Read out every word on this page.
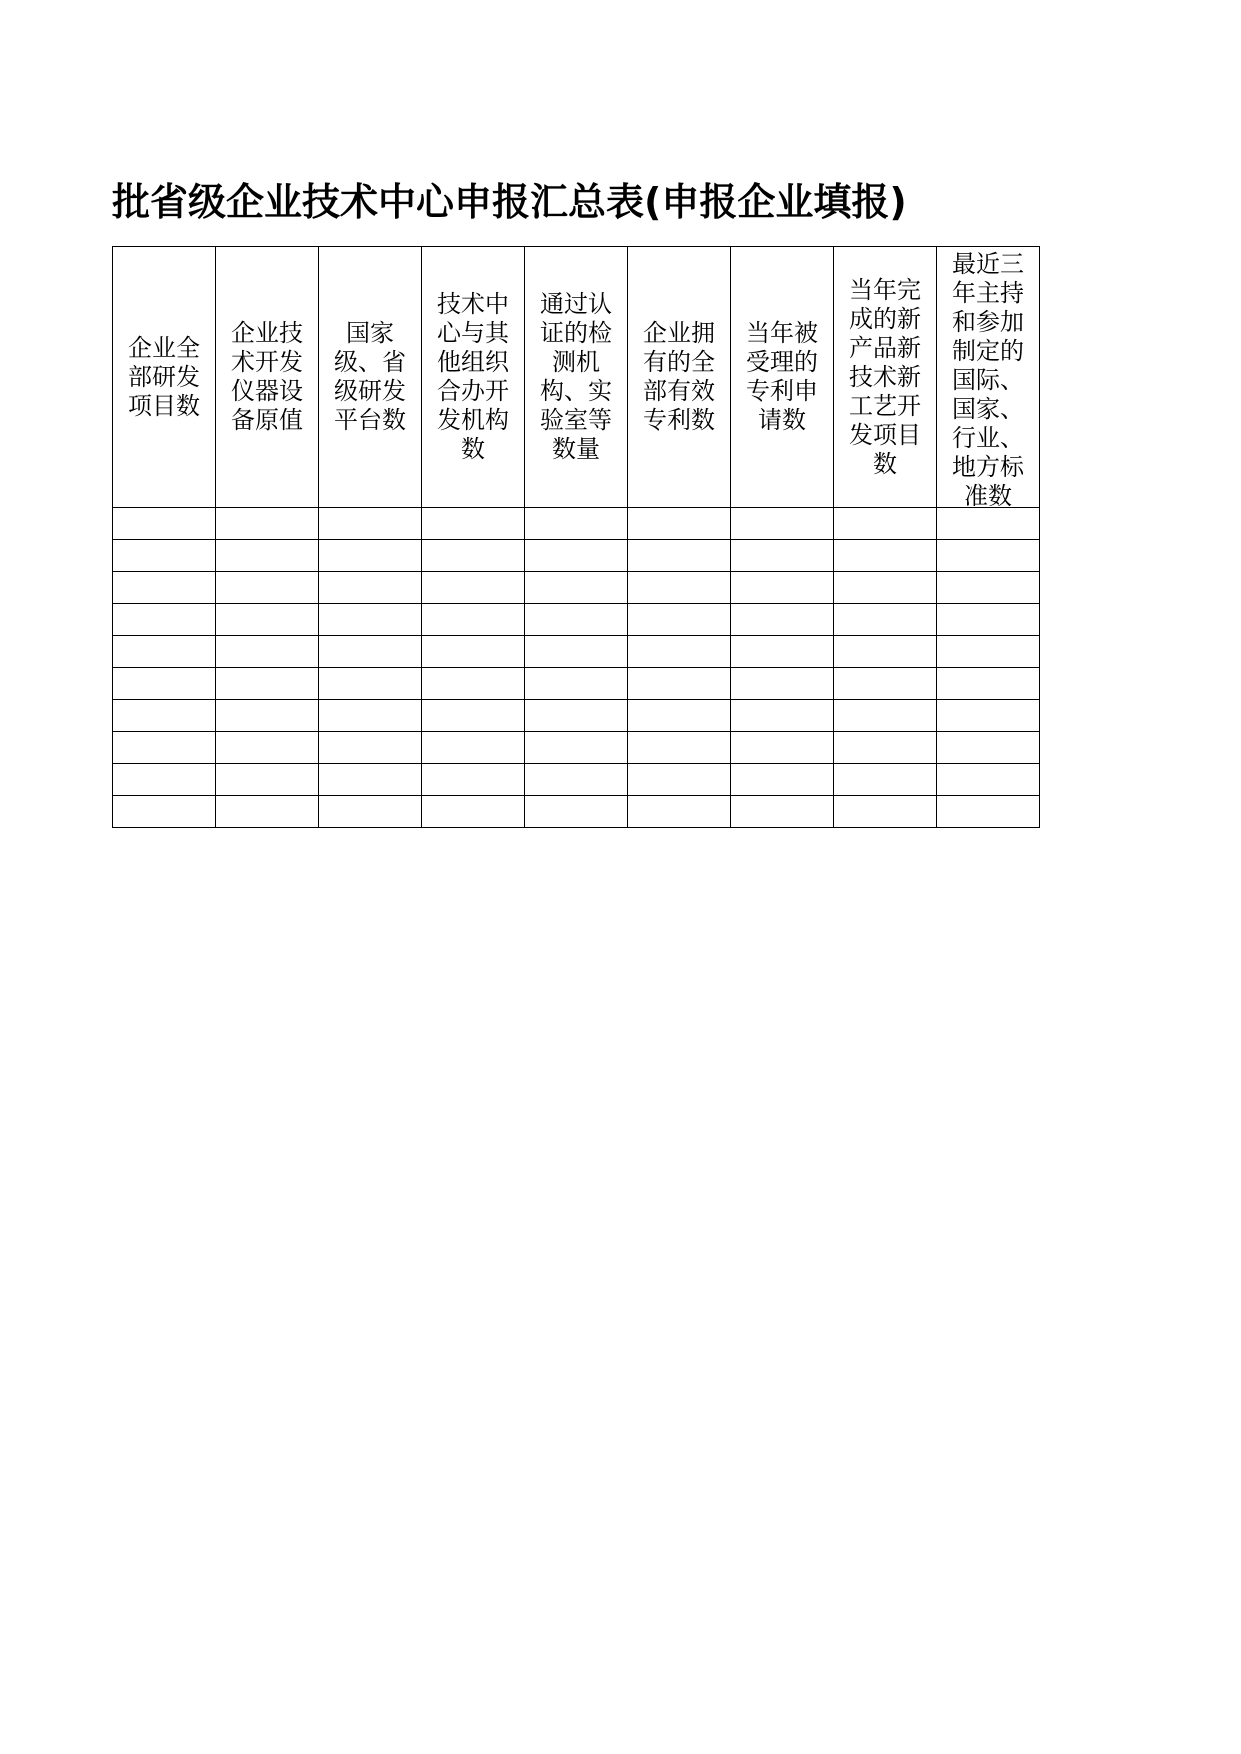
批省级企业技术中心申报汇总表(申报企业填报)
企业全部研发项目数	企业技术开发仪器设备原值	国家级、省级研发平台数	技术中心与其他组织合办开发机构数	通过认证的检测机构、实验室等数量	企业拥有的全部有效专利数	当年被受理的专利申请数	当年完成的新产品新技术新工艺开发项目数	最近三年主持和参加制定的国际、国家、行业、地方标准数
